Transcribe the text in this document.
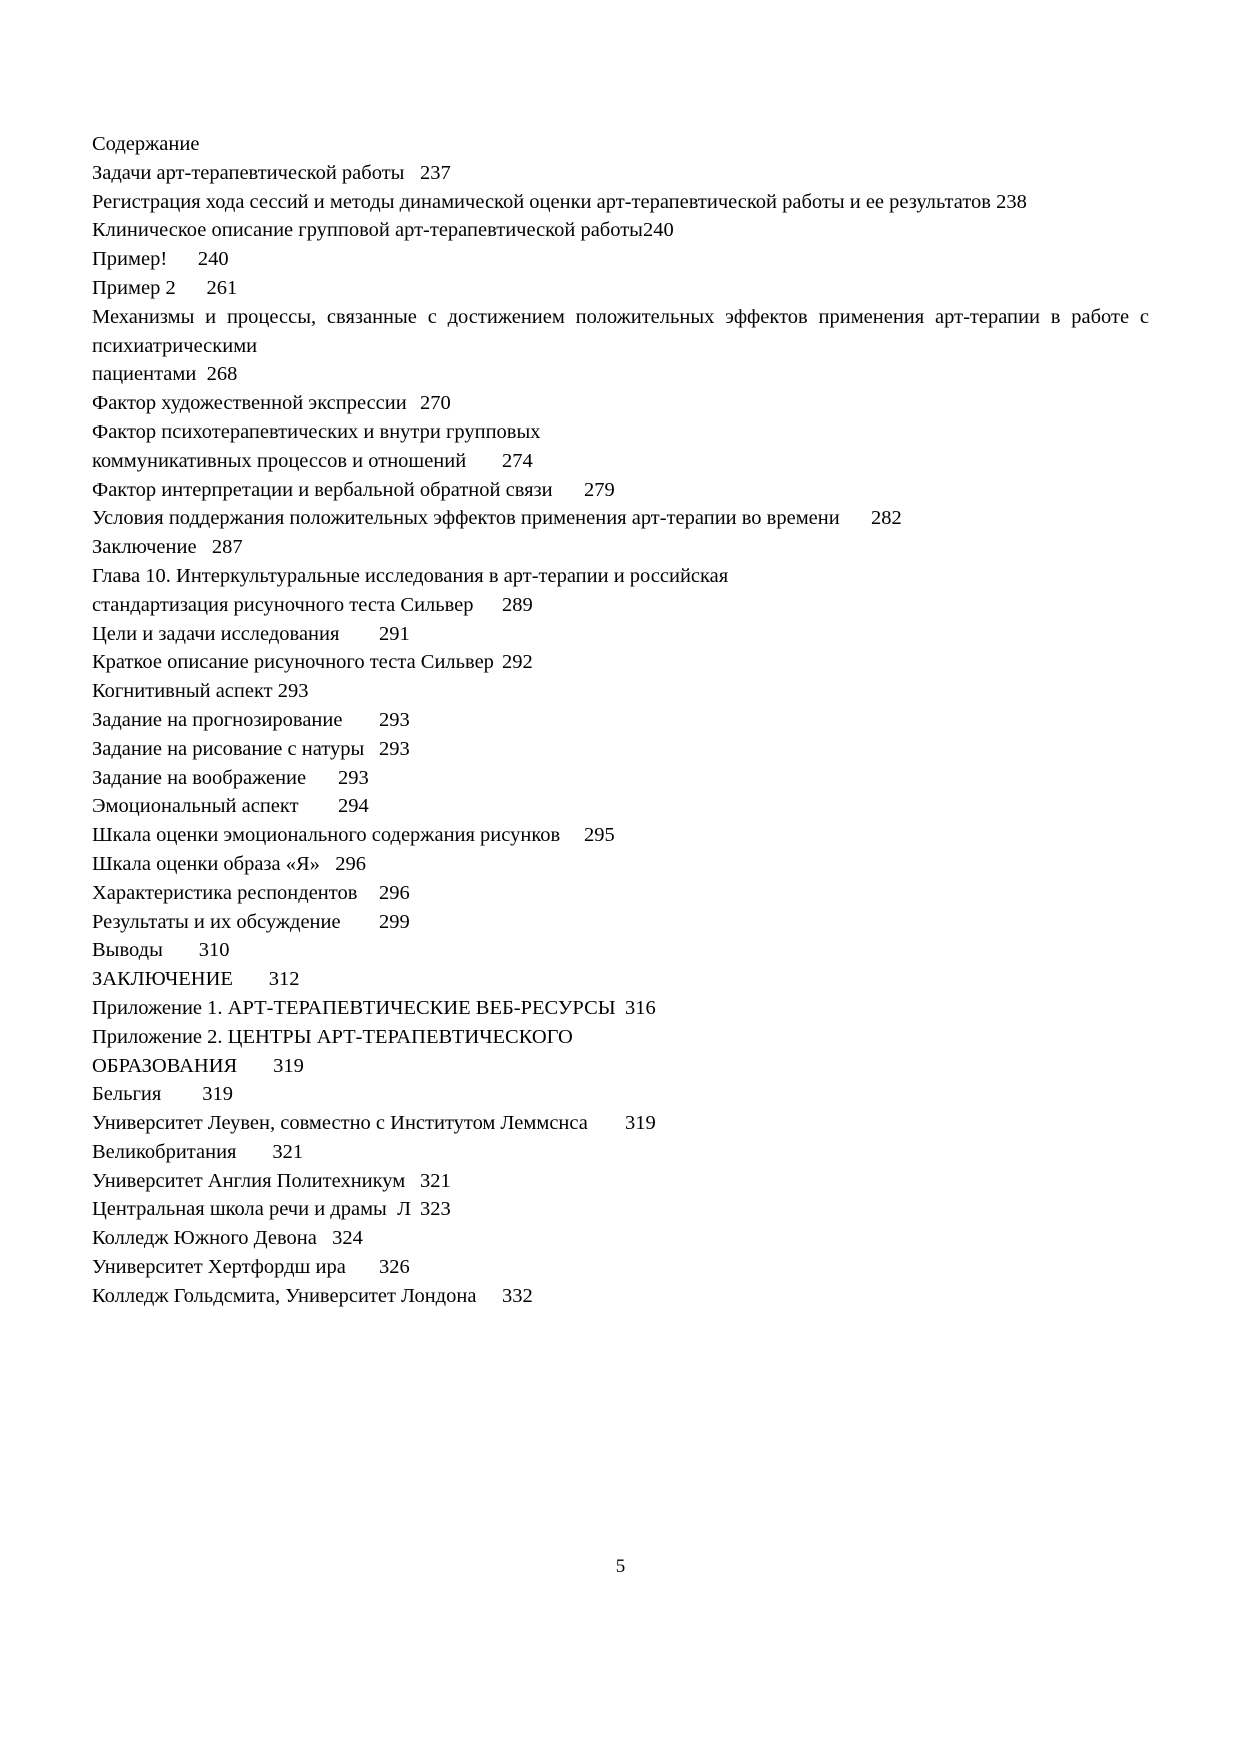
Содержание

Задачи арт-терапевтической работы	237

Регистрация хода сессий и методы динамической оценки арт-терапевтической работы и ее результатов 238

Клиническое описание групповой арт-терапевтической работы240

Пример!      240

Пример 2      261

Механизмы и процессы, связанные с достижением положительных эффектов применения арт-терапии в работе с психиатрическими

пациентами  268

Фактор художественной экспрессии	270

Фактор психотерапевтических и внутри групповых

коммуникативных процессов и отношений	274

Фактор интерпретации и вербальной обратной связи	279

Условия поддержания положительных эффектов применения арт-терапии во времени	282

Заключение   287

Глава 10. Интеркультуральные исследования в арт-терапии и российская

стандартизация рисуночного теста Сильвер	289

Цели и задачи исследования	291

Краткое описание рисуночного теста Сильвер	292

Когнитивный аспект 293

Задание на прогнозирование	293

Задание на рисование с натуры	293

Задание на воображение	293

Эмоциональный аспект	294

Шкала оценки эмоционального содержания рисунков	295

Шкала оценки образа «Я»   296

Характеристика респондентов	296

Результаты и их обсуждение	299

Выводы       310

ЗАКЛЮЧЕНИЕ       312

Приложение 1. АРТ-ТЕРАПЕВТИЧЕСКИЕ ВЕБ-РЕСУРСЫ	316

Приложение 2. ЦЕНТРЫ АРТ-ТЕРАПЕВТИЧЕСКОГО

ОБРАЗОВАНИЯ       319

Бельгия        319

Университет Леувен, совместно с Институтом Леммснса	319

Великобритания       321

Университет Англия Политехникум	321

Центральная школа речи и драмы  Л	323

Колледж Южного Девона   324

Университет Хертфордш ира	326

Колледж Гольдсмита, Университет Лондона	332

5
